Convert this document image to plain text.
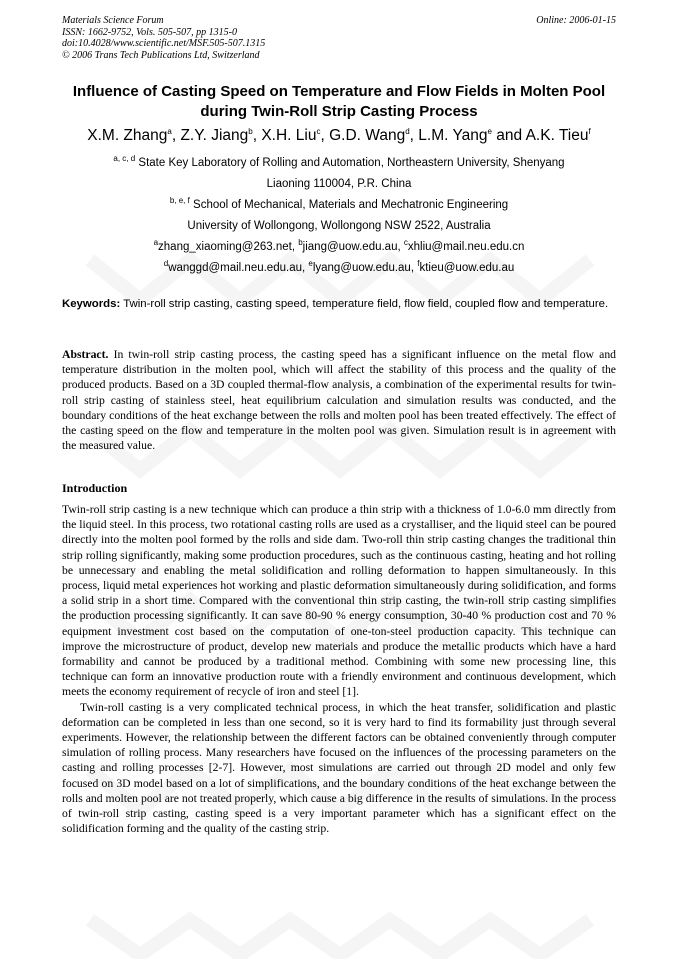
Materials Science Forum
ISSN: 1662-9752, Vols. 505-507, pp 1315-0
doi:10.4028/www.scientific.net/MSF.505-507.1315
© 2006 Trans Tech Publications Ltd, Switzerland
Online: 2006-01-15
Influence of Casting Speed on Temperature and Flow Fields in Molten Pool during Twin-Roll Strip Casting Process
X.M. Zhang$^a$, Z.Y. Jiang$^b$, X.H. Liu$^c$, G.D. Wang$^d$, L.M. Yang$^e$ and A.K. Tieu$^f$
$^{a, c, d}$ State Key Laboratory of Rolling and Automation, Northeastern University, Shenyang
Liaoning 110004, P.R. China
$^{b, e, f}$ School of Mechanical, Materials and Mechatronic Engineering
University of Wollongong, Wollongong NSW 2522, Australia
$^a$zhang_xiaoming@263.net, $^b$jiang@uow.edu.au, $^c$xhliu@mail.neu.edu.cn
$^d$wanggd@mail.neu.edu.au, $^e$lyang@uow.edu.au, $^f$ktieu@uow.edu.au
Keywords: Twin-roll strip casting, casting speed, temperature field, flow field, coupled flow and temperature.
Abstract. In twin-roll strip casting process, the casting speed has a significant influence on the metal flow and temperature distribution in the molten pool, which will affect the stability of this process and the quality of the produced products. Based on a 3D coupled thermal-flow analysis, a combination of the experimental results for twin-roll strip casting of stainless steel, heat equilibrium calculation and simulation results was conducted, and the boundary conditions of the heat exchange between the rolls and molten pool has been treated effectively. The effect of the casting speed on the flow and temperature in the molten pool was given. Simulation result is in agreement with the measured value.
Introduction

Twin-roll strip casting is a new technique which can produce a thin strip with a thickness of 1.0-6.0 mm directly from the liquid steel. In this process, two rotational casting rolls are used as a crystalliser, and the liquid steel can be poured directly into the molten pool formed by the rolls and side dam. Two-roll thin strip casting changes the traditional thin strip rolling significantly, making some production procedures, such as the continuous casting, heating and hot rolling be unnecessary and enabling the metal solidification and rolling deformation to happen simultaneously. In this process, liquid metal experiences hot working and plastic deformation simultaneously during solidification, and forms a solid strip in a short time. Compared with the conventional thin strip casting, the twin-roll strip casting simplifies the production processing significantly. It can save 80-90 % energy consumption, 30-40 % production cost and 70 % equipment investment cost based on the computation of one-ton-steel production capacity. This technique can improve the microstructure of product, develop new materials and produce the metallic products which have a hard formability and cannot be produced by a traditional method. Combining with some new processing line, this technique can form an innovative production route with a friendly environment and continuous development, which meets the economy requirement of recycle of iron and steel [1].

Twin-roll casting is a very complicated technical process, in which the heat transfer, solidification and plastic deformation can be completed in less than one second, so it is very hard to find its formability just through several experiments. However, the relationship between the different factors can be obtained conveniently through computer simulation of rolling process. Many researchers have focused on the influences of the processing parameters on the casting and rolling processes [2-7]. However, most simulations are carried out through 2D model and only few focused on 3D model based on a lot of simplifications, and the boundary conditions of the heat exchange between the rolls and molten pool are not treated properly, which cause a big difference in the results of simulations. In the process of twin-roll strip casting, casting speed is a very important parameter which has a significant effect on the solidification forming and the quality of the casting strip.
